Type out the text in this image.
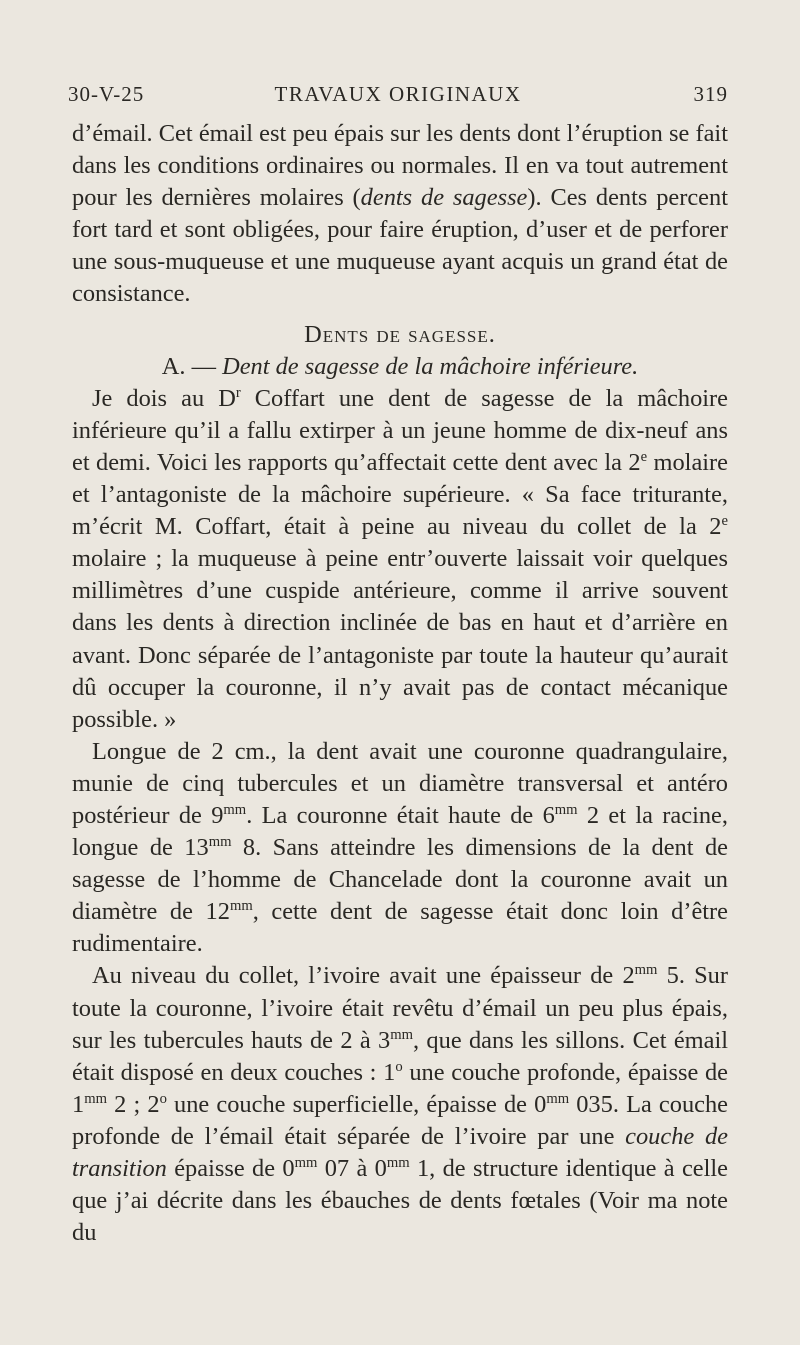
30-V-25	TRAVAUX ORIGINAUX	319

d’émail. Cet émail est peu épais sur les dents dont l’éruption se fait dans les conditions ordinaires ou normales. Il en va tout autrement pour les dernières molaires (dents de sagesse). Ces dents percent fort tard et sont obligées, pour faire éruption, d’user et de perforer une sous-muqueuse et une muqueuse ayant acquis un grand état de consistance.

Dents de sagesse.

A. — Dent de sagesse de la mâchoire inférieure.

Je dois au $D^r$ Coffart une dent de sagesse de la mâchoire inférieure qu’il a fallu extirper à un jeune homme de dix-neuf ans et demi. Voici les rapports qu’affectait cette dent avec la 2e molaire et l’antagoniste de la mâchoire supérieure. « Sa face triturante, m’écrit M. Coffart, était à peine au niveau du collet de la 2e molaire ; la muqueuse à peine entr’ouverte laissait voir quelques millimètres d’une cuspide antérieure, comme il arrive souvent dans les dents à direction inclinée de bas en haut et d’arrière en avant. Donc séparée de l’antagoniste par toute la hauteur qu’aurait dû occuper la couronne, il n’y avait pas de contact mécanique possible. »

Longue de 2 cm., la dent avait une couronne quadrangulaire, munie de cinq tubercules et un diamètre transversal et antéro postérieur de $9^{mm}$. La couronne était haute de $6^{mm}$ 2 et la racine, longue de $13^{mm}$ 8. Sans atteindre les dimensions de la dent de sagesse de l’homme de Chancelade dont la couronne avait un diamètre de $12^{mm}$, cette dent de sagesse était donc loin d’être rudimentaire.

Au niveau du collet, l’ivoire avait une épaisseur de $2^{mm}$ 5. Sur toute la couronne, l’ivoire était revêtu d’émail un peu plus épais, sur les tubercules hauts de 2 à $3^{mm}$, que dans les sillons. Cet émail était disposé en deux couches : 1$^o$ une couche profonde, épaisse de $1^{mm}$ 2 ; 2$^o$ une couche superficielle, épaisse de $0^{mm}$ 035. La couche profonde de l’émail était séparée de l’ivoire par une couche de transition épaisse de $0^{mm}$ 07 à $0^{mm}$ 1, de structure identique à celle que j’ai décrite dans les ébauches de dents fœtales (Voir ma note du
